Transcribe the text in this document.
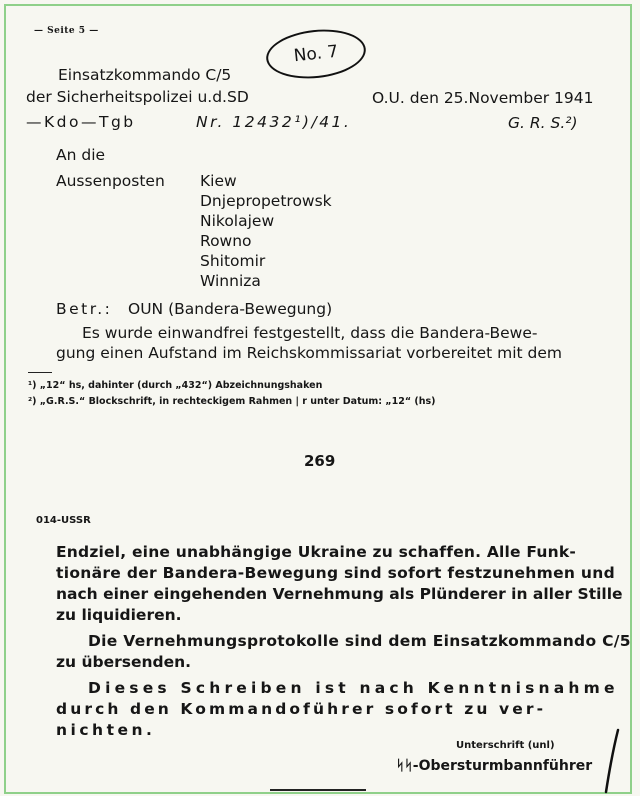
— Seite 5 —
No. 7
Einsatzkommando C/5
der Sicherheitspolizei u.d.SD	O.U. den 25.November 1941
—Kdo—Tgb	Nr. 12432¹)/41.	G. R. S.²)
An die
Aussenposten Kiew
Dnjepropetrowsk
Nikolajew
Rowno
Shitomir
Winniza
Betr.: OUN (Bandera-Bewegung)
Es wurde einwandfrei festgestellt, dass die Bandera-Bewe-
gung einen Aufstand im Reichskommissariat vorbereitet mit dem
¹) „12“ hs, dahinter (durch „432“) Abzeichnungshaken
²) „G.R.S.“ Blockschrift, in rechteckigem Rahmen | r unter Datum: „12“ (hs)
269
014-USSR
Endziel, eine unabhängige Ukraine zu schaffen. Alle Funk-
tionäre der Bandera-Bewegung sind sofort festzunehmen und
nach einer eingehenden Vernehmung als Plünderer in aller Stille
zu liquidieren.
Die Vernehmungsprotokolle sind dem Einsatzkommando C/5
zu übersenden.
Dieses Schreiben ist nach Kenntnisnahme
durch den Kommandoführer sofort zu ver-
nichten.
Unterschrift (unl)
ᛋᛋ-Obersturmbannführer
